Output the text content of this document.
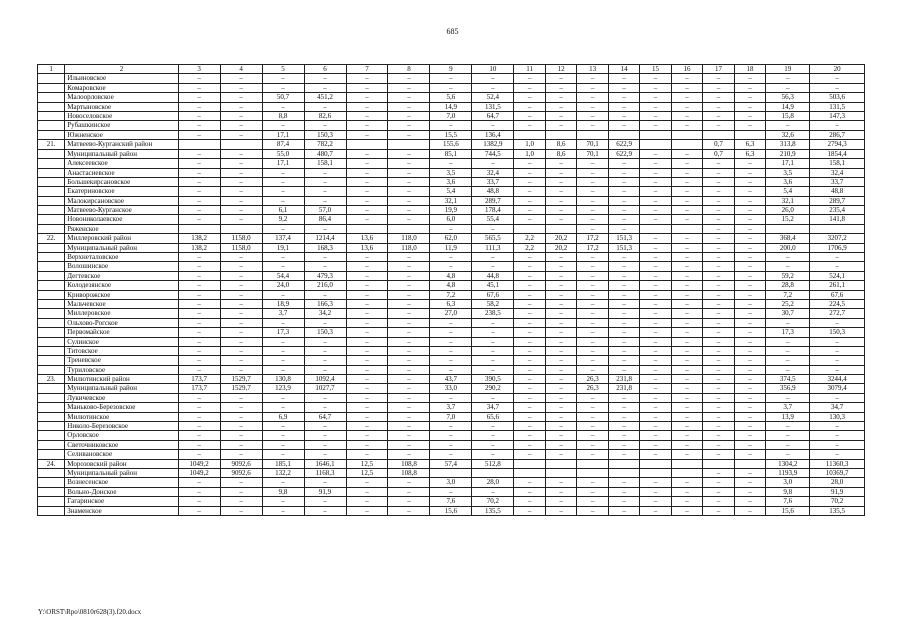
685
1	2	3	4	5	6	7	8	9	10	11	12	13	14	15	16	17	18	19	20
	Ильиновское	–	–	–	–	–	–	–	–	–	–	–	–	–	–	–	–	–	–
	Комаровское	–	–	–	–	–	–	–	–	–	–	–	–	–	–	–	–	–	–
	Малоорловское	–	–	50,7	451,2	–	–	5,6	52,4	–	–	–	–	–	–	–	–	56,3	503,6
	Мартыновское	–	–	–	–	–	–	14,9	131,5	–	–	–	–	–	–	–	–	14,9	131,5
	Новоселовское	–	–	8,8	82,6	–	–	7,0	64,7	–	–	–	–	–	–	–	–	15,8	147,3
	Рубашкинское	–	–	–	–	–	–	–	–	–	–	–	–	–	–	–	–	–	–
	Южненское	–	–	17,1	150,3	–	–	15,5	136,4									32,6	286,7
21.	Матвеево-Курганский район			87,4	782,2			155,6	1382,9	1,0	8,6	70,1	622,9			0,7	6,3	313,8	2794,3
	Муниципальный район	–	–	55,0	480,7	–	–	85,1	744,5	1,0	8,6	70,1	622,9	–	–	0,7	6,3	210,9	1854,4
	Алексеевское	–	–	17,1	158,1	–	–	–	–	–	–	–	–	–	–	–	–	17,1	158,1
	Анастасиевское	–	–	–	–	–	–	3,5	32,4	–	–	–	–	–	–	–	–	3,5	32,4
	Большекирсановское	–	–	–	–	–	–	3,6	33,7	–	–	–	–	–	–	–	–	3,6	33,7
	Екатериновское	–	–	–	–	–	–	5,4	48,8	–	–	–	–	–	–	–	–	5,4	48,8
	Малокирсановское	–	–	–	–	–	–	32,1	289,7	–	–	–	–	–	–	–	–	32,1	289,7
	Матвеево-Курганское	–	–	6,1	57,0	–	–	19,9	178,4	–	–	–	–	–	–	–	–	26,0	235,4
	Новониколаевское	–	–	9,2	86,4	–	–	6,0	55,4	–	–	–	–	–	–	–	–	15,2	141,8
	Ряженское			–	–			–	–			–	–			–	–		
22.	Миллеровский район	138,2	1158,0	137,4	1214,4	13,6	118,0	62,0	565,5	2,2	20,2	17,2	151,3	–	–	–	–	368,4	3207,2
	Муниципальный район	138,2	1158,0	19,1	168,3	13,6	118,0	11,9	111,3	2,2	20,2	17,2	151,3	–	–	–	–	200,0	1706,9
	Верхнеталовское	–	–	–	–	–	–	–	–	–	–	–	–	–	–	–	–	–	–
	Волошинское	–	–	–	–	–	–	–	–	–	–	–	–	–	–	–	–	–	–
	Дегтевское	–	–	54,4	479,3	–	–	4,8	44,8	–	–	–	–	–	–	–	–	59,2	524,1
	Колодезянское	–	–	24,0	216,0	–	–	4,8	45,1	–	–	–	–	–	–	–	–	28,8	261,1
	Криворожское	–	–	–	–	–	–	7,2	67,6	–	–	–	–	–	–	–	–	7,2	67,6
	Мальчевское	–	–	18,9	166,3	–	–	6,3	58,2	–	–	–	–	–	–	–	–	25,2	224,5
	Миллеровское	–	–	3,7	34,2	–	–	27,0	238,5	–	–	–	–	–	–	–	–	30,7	272,7
	Ольхово-Рогское	–	–	–	–	–	–	–	–	–	–	–	–	–	–	–	–	–	–
	Первомайское	–	–	17,3	150,3	–	–	–	–	–	–	–	–	–	–	–	–	17,3	150,3
	Сулинское	–	–	–	–	–	–	–	–	–	–	–	–	–	–	–	–	–	–
	Титовское	–	–	–	–	–	–	–	–	–	–	–	–	–	–	–	–	–	–
	Треневское	–	–	–	–	–	–	–	–	–	–	–	–	–	–	–	–	–	–
	Туриловское	–	–	–	–	–	–	–	–	–	–	–	–	–	–	–	–	–	–
23.	Милютинский район	173,7	1529,7	130,8	1092,4	–	–	43,7	390,5	–	–	26,3	231,8	–	–	–	–	374,5	3244,4
	Муниципальный район	173,7	1529,7	123,9	1027,7	–	–	33,0	290,2	–	–	26,3	231,8	–	–	–	–	356,9	3079,4
	Лукичевское	–	–	–	–	–	–	–	–	–	–	–	–	–	–	–	–	–	–
	Маньково-Березовское	–	–	–	–	–	–	3,7	34,7	–	–	–	–	–	–	–	–	3,7	34,7
	Милютинское	–	–	6,9	64,7	–	–	7,0	65,6	–	–	–	–	–	–	–	–	13,9	130,3
	Николо-Березовское	–	–	–	–	–	–	–	–	–	–	–	–	–	–	–	–	–	–
	Орловское	–	–	–	–	–	–	–	–	–	–	–	–	–	–	–	–	–	–
	Светочниковское	–	–	–	–	–	–	–	–	–	–	–	–	–	–	–	–	–	–
	Селивановское	–	–	–	–	–	–	–	–	–	–	–	–	–	–	–	–	–	–
24.	Морозовский район	1049,2	9092,6	185,1	1646,1	12,5	108,8	57,4	512,8									1304,2	11360,3
	Муниципальный район	1049,2	9092,6	132,2	1168,3	12,5	108,8									–	–	1193,9	10369,7
	Вознесенское	–	–	–	–	–	–	3,0	28,0	–	–	–	–	–	–	–	–	3,0	28,0
	Вольно-Донское	–	–	9,8	91,9	–	–	–	–	–	–	–	–	–	–	–	–	9,8	91,9
	Гагаринское	–	–	–	–	–	–	7,6	70,2	–	–	–	–	–	–	–	–	7,6	70,2
	Знаменское	–	–	–	–	–	–	15,6	135,5	–	–	–	–	–	–	–	–	15,6	135,5
Y:\ORST\Rpo\0810r628(3).f20.docx
